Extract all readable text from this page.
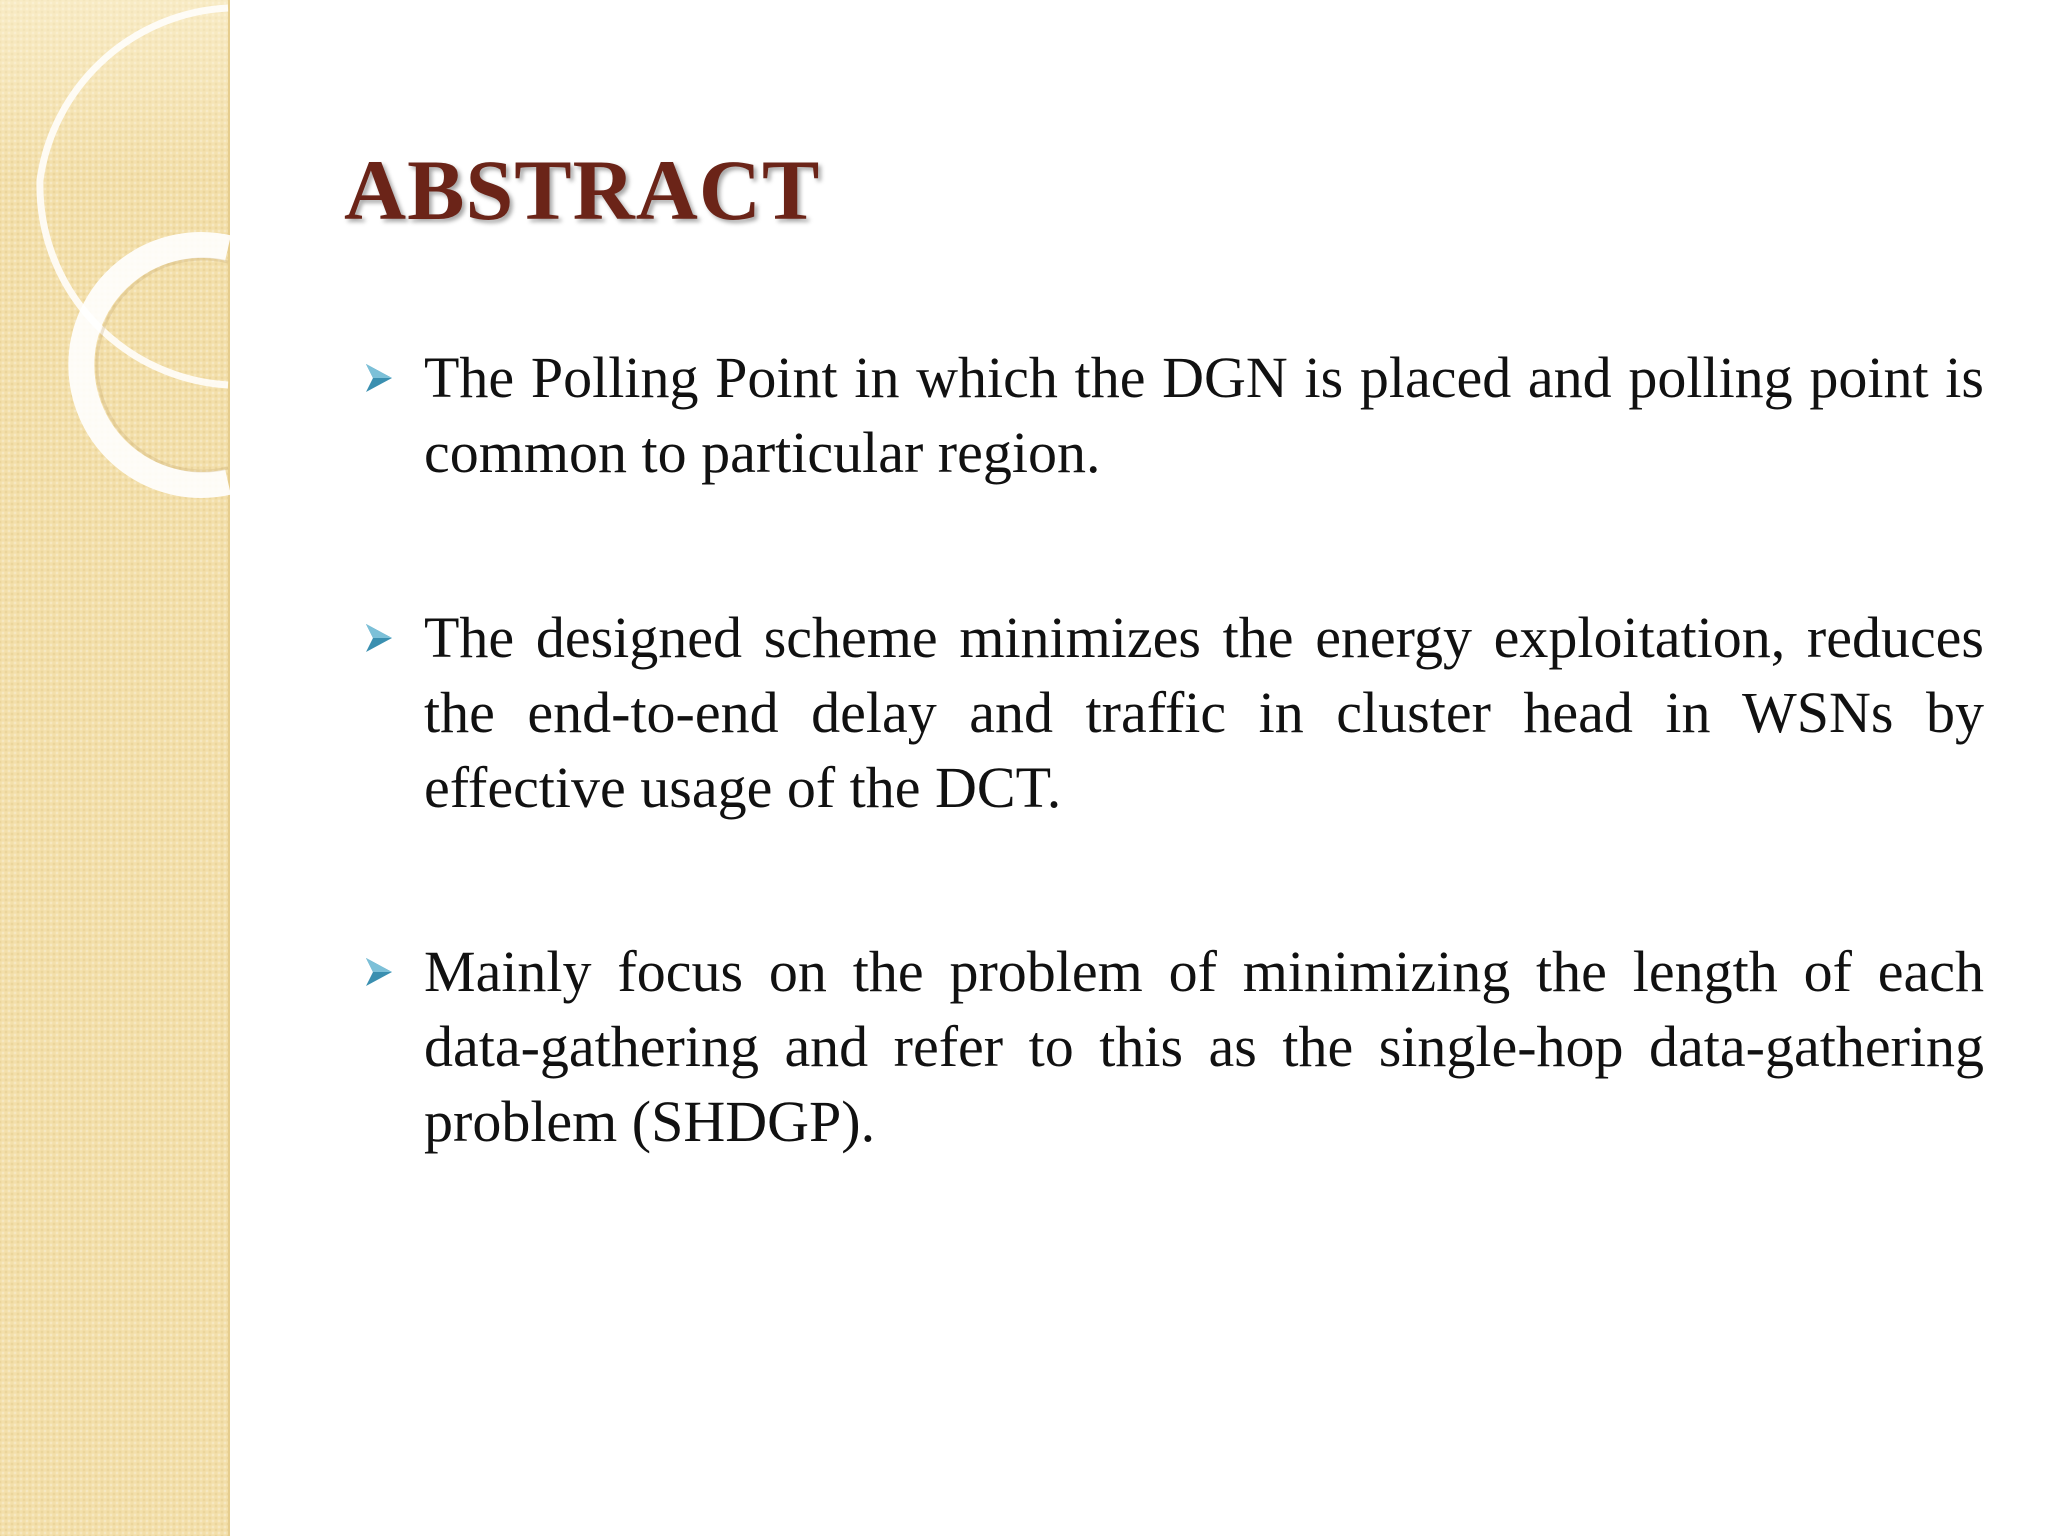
ABSTRACT

The Polling Point in which the DGN is placed and polling point is common to particular region.

The designed scheme minimizes the energy exploitation, reduces the end-to-end delay and traffic in cluster head in WSNs by effective usage of the DCT.

Mainly focus on the problem of minimizing the length of each data-gathering and refer to this as the single-hop data-gathering problem (SHDGP).
